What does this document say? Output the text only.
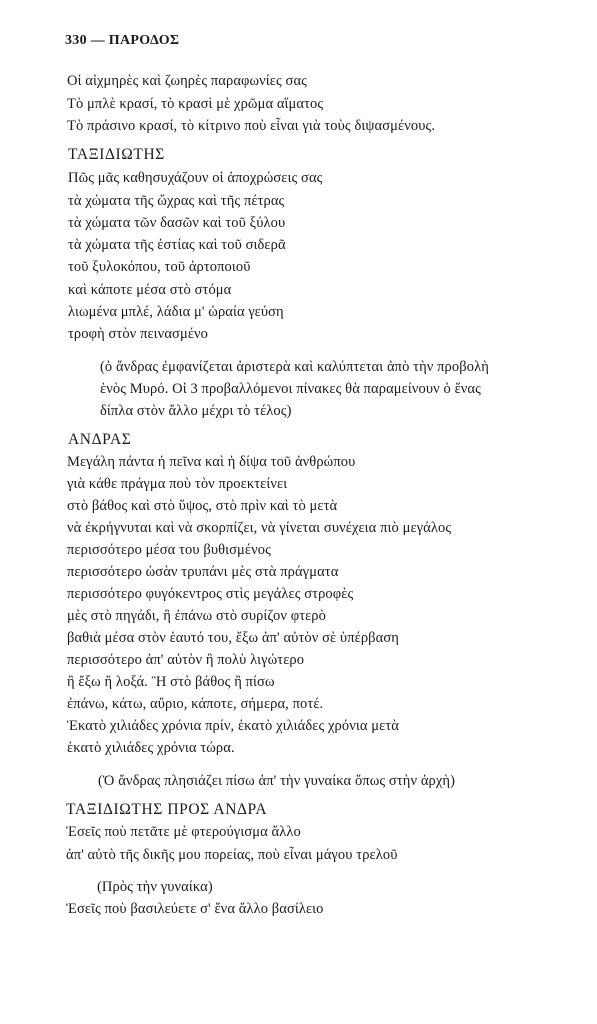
330 — ΠΑΡΟΔΟΣ
Οἱ αἰχμηρὲς καὶ ζωηρὲς παραφωνίες σας
Τὸ μπλὲ κρασί, τὸ κρασὶ μὲ χρῶμα αἵματος
Τὸ πράσινο κρασί, τὸ κίτρινο ποὺ εἶναι γιὰ τοὺς διψασμένους.
ΤΑΞΙΔΙΩΤΗΣ
Πῶς μᾶς καθησυχάζουν οἱ ἀποχρώσεις σας
τὰ χώματα τῆς ὤχρας καὶ τῆς πέτρας
τὰ χώματα τῶν δασῶν καὶ τοῦ ξύλου
τὰ χώματα τῆς ἑστίας καὶ τοῦ σιδερᾶ
τοῦ ξυλοκόπου, τοῦ ἀρτοποιοῦ
καὶ κάποτε μέσα στὸ στόμα
λιωμένα μπλέ, λάδια μ' ὡραία γεύση
τροφὴ στὸν πεινασμένο
(ὁ ἄνδρας ἐμφανίζεται ἀριστερὰ καὶ καλύπτεται ἀπὸ τὴν προβολὴ
ἑνὸς Μυρό. Οἱ 3 προβαλλόμενοι πίνακες θὰ παραμείνουν ὁ ἕνας
δίπλα στὸν ἄλλο μέχρι τὸ τέλος)
ΑΝΔΡΑΣ
Μεγάλη πάντα ἡ πεῖνα καὶ ἡ δίψα τοῦ ἀνθρώπου
γιὰ κάθε πράγμα ποὺ τὸν προεκτείνει
στὸ βάθος καὶ στὸ ὕψος, στὸ πρὶν καὶ τὸ μετὰ
νὰ ἐκρήγνυται καὶ νὰ σκορπίζει, νὰ γίνεται συνέχεια πιὸ μεγάλος
περισσότερο μέσα του βυθισμένος
περισσότερο ὡσὰν τρυπάνι μὲς στὰ πράγματα
περισσότερο φυγόκεντρος στὶς μεγάλες στροφὲς
μὲς στὸ πηγάδι, ἢ ἐπάνω στὸ συρίζον φτερὸ
βαθιὰ μέσα στὸν ἑαυτό του, ἔξω ἀπ' αὐτὸν σὲ ὑπέρβαση
περισσότερο ἀπ' αὐτὸν ἢ πολὺ λιγώτερο
ἢ ἔξω ἢ λοξά. Ἢ στὸ βάθος ἢ πίσω
ἐπάνω, κάτω, αὔριο, κάποτε, σήμερα, ποτέ.
Ἑκατὸ χιλιάδες χρόνια πρίν, ἑκατὸ χιλιάδες χρόνια μετὰ
ἑκατὸ χιλιάδες χρόνια τώρα.
(Ὁ ἄνδρας πλησιάζει πίσω ἀπ' τὴν γυναίκα ὅπως στὴν ἀρχὴ)
ΤΑΞΙΔΙΩΤΗΣ ΠΡΟΣ ΑΝΔΡΑ
Ἐσεῖς ποὺ πετᾶτε μὲ φτερούγισμα ἄλλο
ἀπ' αὐτὸ τῆς δικῆς μου πορείας, ποὺ εἶναι μάγου τρελοῦ
(Πρὸς τὴν γυναίκα)
Ἐσεῖς ποὺ βασιλεύετε σ' ἕνα ἄλλο βασίλειο
